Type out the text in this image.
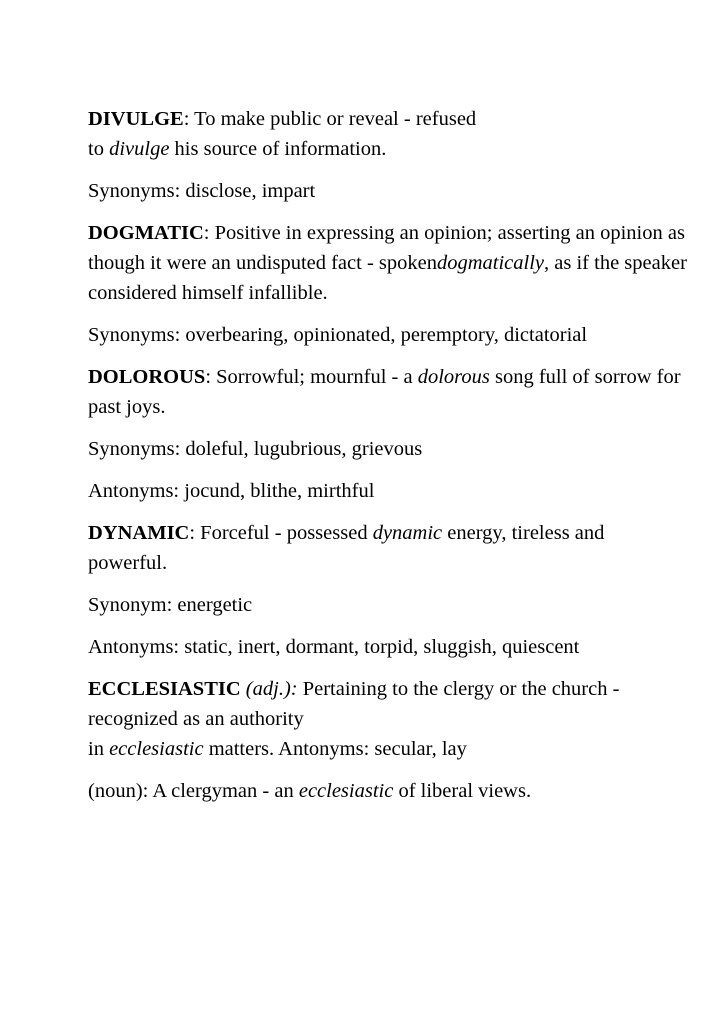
DIVULGE: To make public or reveal - refused
to divulge his source of information.

Synonyms: disclose, impart

DOGMATIC: Positive in expressing an opinion; asserting an opinion as though it were an undisputed fact - spokendogmatically, as if the speaker considered himself infallible.

Synonyms: overbearing, opinionated, peremptory, dictatorial

DOLOROUS: Sorrowful; mournful - a dolorous song full of sorrow for past joys.

Synonyms: doleful, lugubrious, grievous

Antonyms: jocund, blithe, mirthful

DYNAMIC: Forceful - possessed dynamic energy, tireless and powerful.

Synonym: energetic

Antonyms: static, inert, dormant, torpid, sluggish, quiescent

ECCLESIASTIC (adj.): Pertaining to the clergy or the church - recognized as an authority
in ecclesiastic matters. Antonyms: secular, lay

(noun): A clergyman - an ecclesiastic of liberal views.
